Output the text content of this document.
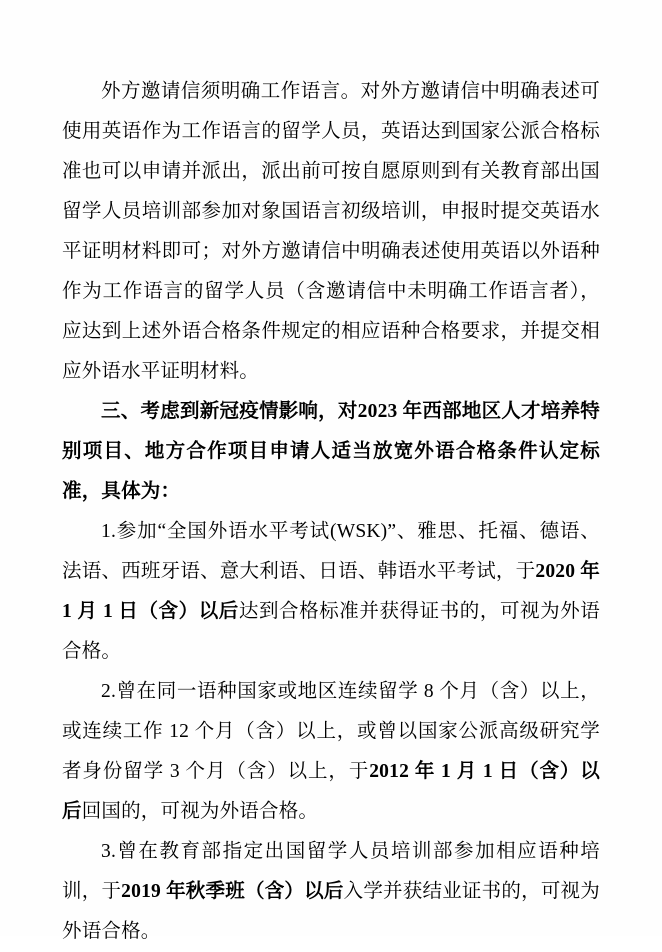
外方邀请信须明确工作语言。对外方邀请信中明确表述可使用英语作为工作语言的留学人员，英语达到国家公派合格标准也可以申请并派出，派出前可按自愿原则到有关教育部出国留学人员培训部参加对象国语言初级培训，申报时提交英语水平证明材料即可；对外方邀请信中明确表述使用英语以外语种作为工作语言的留学人员（含邀请信中未明确工作语言者），应达到上述外语合格条件规定的相应语种合格要求，并提交相应外语水平证明材料。

三、考虑到新冠疫情影响，对2023 年西部地区人才培养特别项目、地方合作项目申请人适当放宽外语合格条件认定标准，具体为：

1.参加“全国外语水平考试(WSK)”、雅思、托福、德语、法语、西班牙语、意大利语、日语、韩语水平考试，于2020 年 1 月 1 日（含）以后达到合格标准并获得证书的，可视为外语合格。

2.曾在同一语种国家或地区连续留学 8 个月（含）以上，或连续工作 12 个月（含）以上，或曾以国家公派高级研究学者身份留学 3 个月（含）以上，于2012 年 1 月 1 日（含）以后回国的，可视为外语合格。

3.曾在教育部指定出国留学人员培训部参加相应语种培训，于2019 年秋季班（含）以后入学并获结业证书的，可视为外语合格。
